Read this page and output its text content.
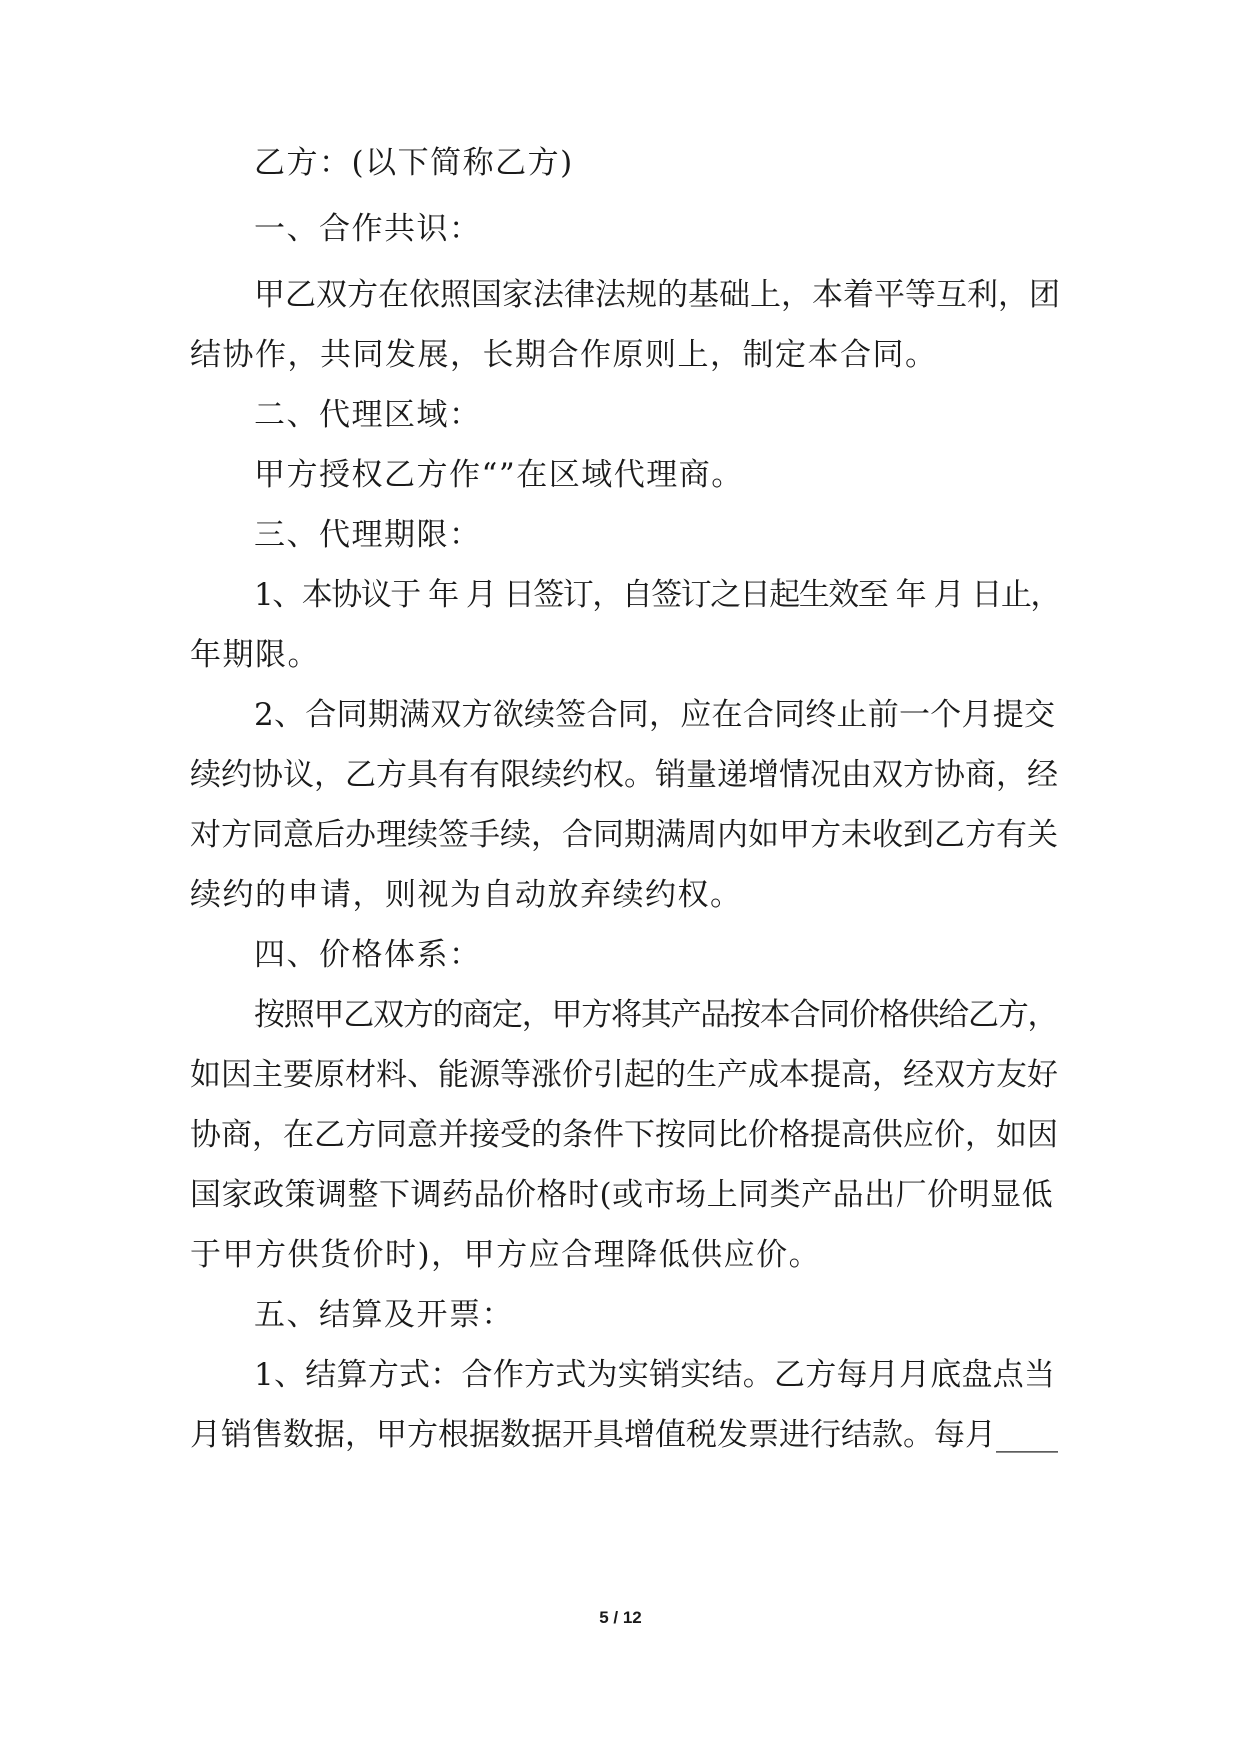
乙方：(以下简称乙方)

一、合作共识：

甲乙双方在依照国家法律法规的基础上，本着平等互利，团

结协作，共同发展，长期合作原则上，制定本合同。

二、代理区域：

甲方授权乙方作“”在区域代理商。

三、代理期限：

1、本协议于 年 月 日签订，自签订之日起生效至 年 月 日止，

年期限。

2、合同期满双方欲续签合同，应在合同终止前一个月提交

续约协议，乙方具有有限续约权。销量递增情况由双方协商，经

对方同意后办理续签手续，合同期满周内如甲方未收到乙方有关

续约的申请，则视为自动放弃续约权。

四、价格体系：

按照甲乙双方的商定，甲方将其产品按本合同价格供给乙方，

如因主要原材料、能源等涨价引起的生产成本提高，经双方友好

协商，在乙方同意并接受的条件下按同比价格提高供应价，如因

国家政策调整下调药品价格时(或市场上同类产品出厂价明显低

于甲方供货价时)，甲方应合理降低供应价。

五、结算及开票：

1、结算方式：合作方式为实销实结。乙方每月月底盘点当

月销售数据，甲方根据数据开具增值税发票进行结款。每月____

5 / 12
